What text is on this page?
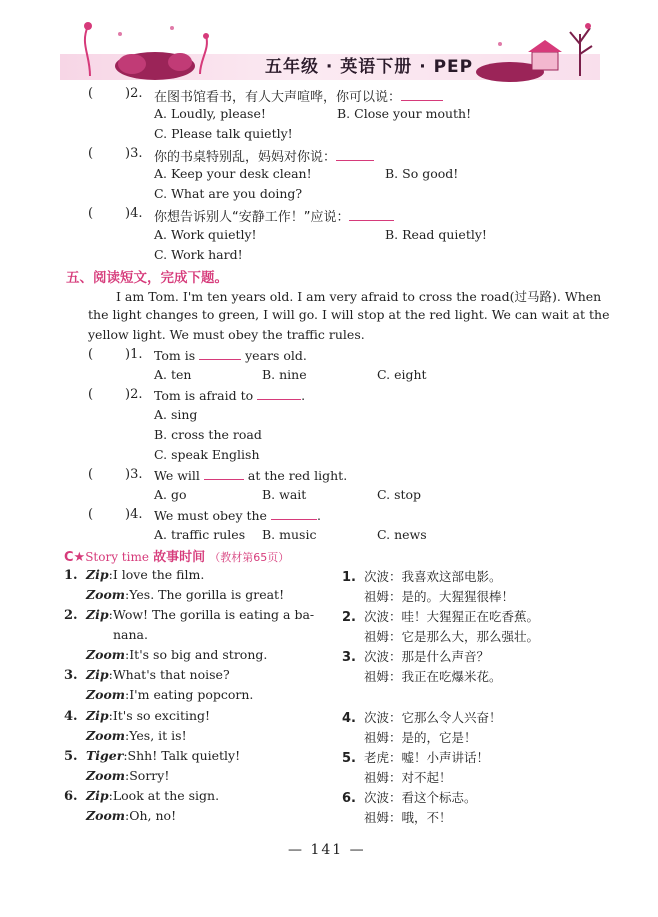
五年级 · 英语下册 · PEP
( )2. 在图书馆看书，有人大声喧哗，你可以说：
A. Loudly, please!	B. Close your mouth!
C. Please talk quietly!
( )3. 你的书桌特别乱，妈妈对你说：
A. Keep your desk clean!	B. So good!
C. What are you doing?
( )4. 你想告诉别人“安静工作！”应说：
A. Work quietly!	B. Read quietly!
C. Work hard!
五、阅读短文，完成下题。
I am Tom. I'm ten years old. I am very afraid to cross the road(过马路). When
the light changes to green, I will go. I will stop at the red light. We can wait at the
yellow light. We must obey the traffic rules.
( )1. Tom is	years old.
A. ten	B. nine	C. eight
( )2. Tom is afraid to	.
A. sing
B. cross the road
C. speak English
( )3. We will	at the red light.
A. go	B. wait	C. stop
( )4. We must obey the	.
A. traffic rules B. music	C. news
C★Story time 故事时间 （教材第65页）
1. Zip:I love the film.
Zoom:Yes. The gorilla is great!
2. Zip:Wow! The gorilla is eating a ba-
nana.
Zoom:It's so big and strong.
3. Zip:What's that noise?
Zoom:I'm eating popcorn.
4. Zip:It's so exciting!
Zoom:Yes, it is!
5. Tiger:Shh! Talk quietly!
Zoom:Sorry!
6. Zip:Look at the sign.
Zoom:Oh, no!
1. 次波：我喜欢这部电影。
祖姆：是的。大猩猩很棒！
2. 次波：哇！大猩猩正在吃香蕉。
祖姆：它是那么大，那么强壮。
3. 次波：那是什么声音？
祖姆：我正在吃爆米花。
4. 次波：它那么令人兴奋！
祖姆：是的，它是！
5. 老虎：嘘！小声讲话！
祖姆：对不起！
6. 次波：看这个标志。
祖姆：哦，不！
— 141 —
